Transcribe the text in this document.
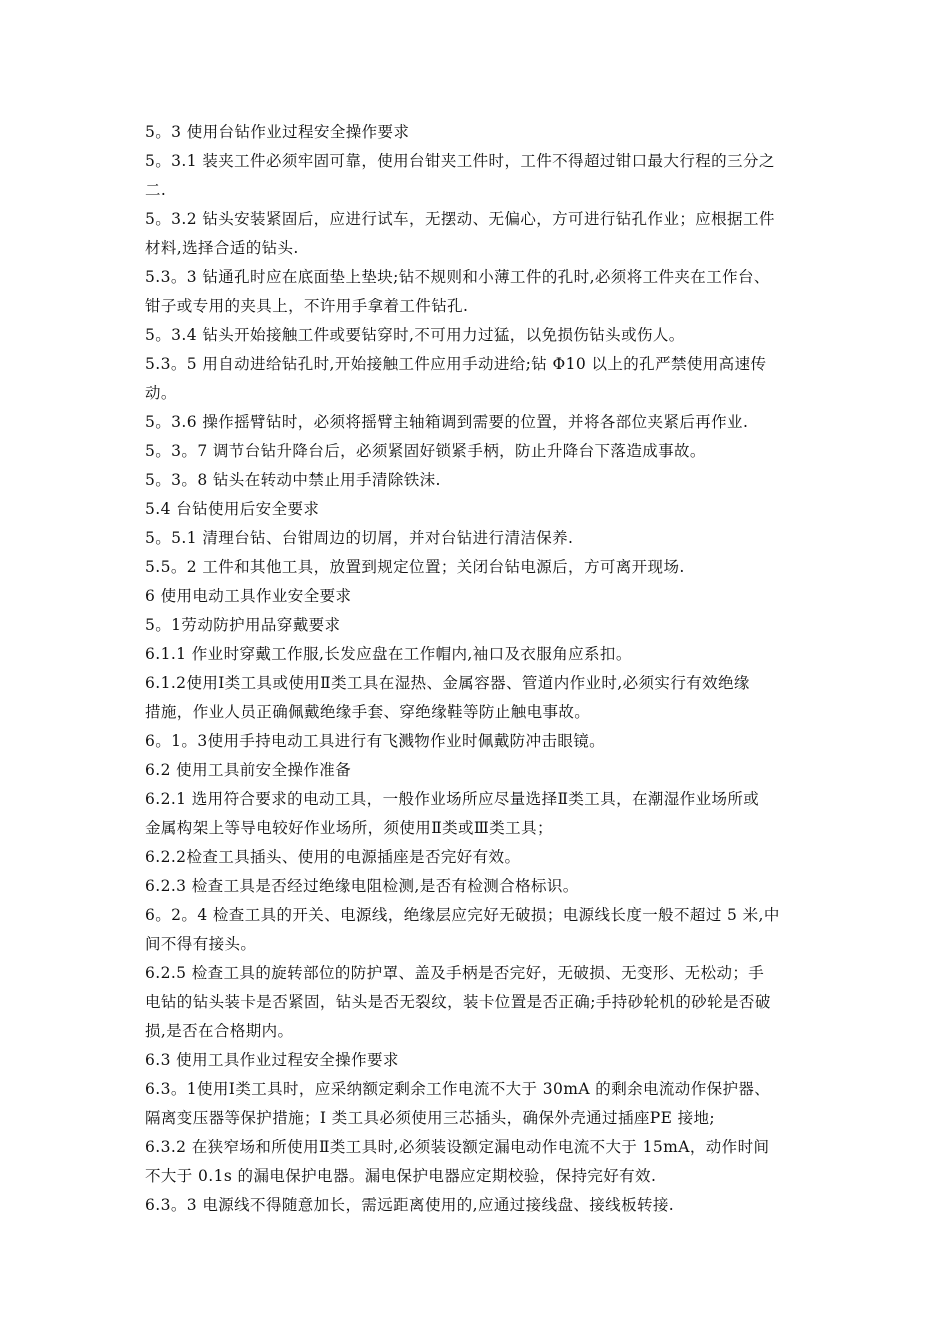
5。3 使用台钻作业过程安全操作要求
5。3.1 装夹工件必须牢固可靠，使用台钳夹工件时，工件不得超过钳口最大行程的三分之
二.
5。3.2 钻头安装紧固后，应进行试车，无摆动、无偏心，方可进行钻孔作业；应根据工件
材料,选择合适的钻头.
5.3。3 钻通孔时应在底面垫上垫块;钻不规则和小薄工件的孔时,必须将工件夹在工作台、
钳子或专用的夹具上，不许用手拿着工件钻孔.
5。3.4 钻头开始接触工件或要钻穿时,不可用力过猛，以免损伤钻头或伤人。
5.3。5 用自动进给钻孔时,开始接触工件应用手动进给;钻 Φ10 以上的孔严禁使用高速传
动。
5。3.6 操作摇臂钻时，必须将摇臂主轴箱调到需要的位置，并将各部位夹紧后再作业.
5。3。7 调节台钻升降台后，必须紧固好锁紧手柄，防止升降台下落造成事故。
5。3。8 钻头在转动中禁止用手清除铁沫.
5.4 台钻使用后安全要求
5。5.1 清理台钻、台钳周边的切屑，并对台钻进行清洁保养.
5.5。2 工件和其他工具，放置到规定位置；关闭台钻电源后，方可离开现场.
6 使用电动工具作业安全要求
5。1劳动防护用品穿戴要求
6.1.1 作业时穿戴工作服,长发应盘在工作帽内,袖口及衣服角应系扣。
6.1.2使用Ⅰ类工具或使用Ⅱ类工具在湿热、金属容器、管道内作业时,必须实行有效绝缘
措施，作业人员正确佩戴绝缘手套、穿绝缘鞋等防止触电事故。
6。1。3使用手持电动工具进行有飞溅物作业时佩戴防冲击眼镜。
6.2 使用工具前安全操作准备
6.2.1 选用符合要求的电动工具，一般作业场所应尽量选择Ⅱ类工具，在潮湿作业场所或
金属构架上等导电较好作业场所，须使用Ⅱ类或Ⅲ类工具；
6.2.2检查工具插头、使用的电源插座是否完好有效。
6.2.3 检查工具是否经过绝缘电阻检测,是否有检测合格标识。
6。2。4 检查工具的开关、电源线，绝缘层应完好无破损；电源线长度一般不超过 5 米,中
间不得有接头。
6.2.5 检查工具的旋转部位的防护罩、盖及手柄是否完好，无破损、无变形、无松动；手
电钻的钻头装卡是否紧固，钻头是否无裂纹，装卡位置是否正确;手持砂轮机的砂轮是否破
损,是否在合格期内。
6.3 使用工具作业过程安全操作要求
6.3。1使用Ⅰ类工具时，应采纳额定剩余工作电流不大于 30mA 的剩余电流动作保护器、
隔离变压器等保护措施；Ⅰ 类工具必须使用三芯插头，确保外壳通过插座PE 接地;
6.3.2 在狭窄场和所使用Ⅱ类工具时,必须装设额定漏电动作电流不大于 15mA，动作时间
不大于 0.1s 的漏电保护电器。漏电保护电器应定期校验，保持完好有效.
6.3。3 电源线不得随意加长，需远距离使用的,应通过接线盘、接线板转接.
